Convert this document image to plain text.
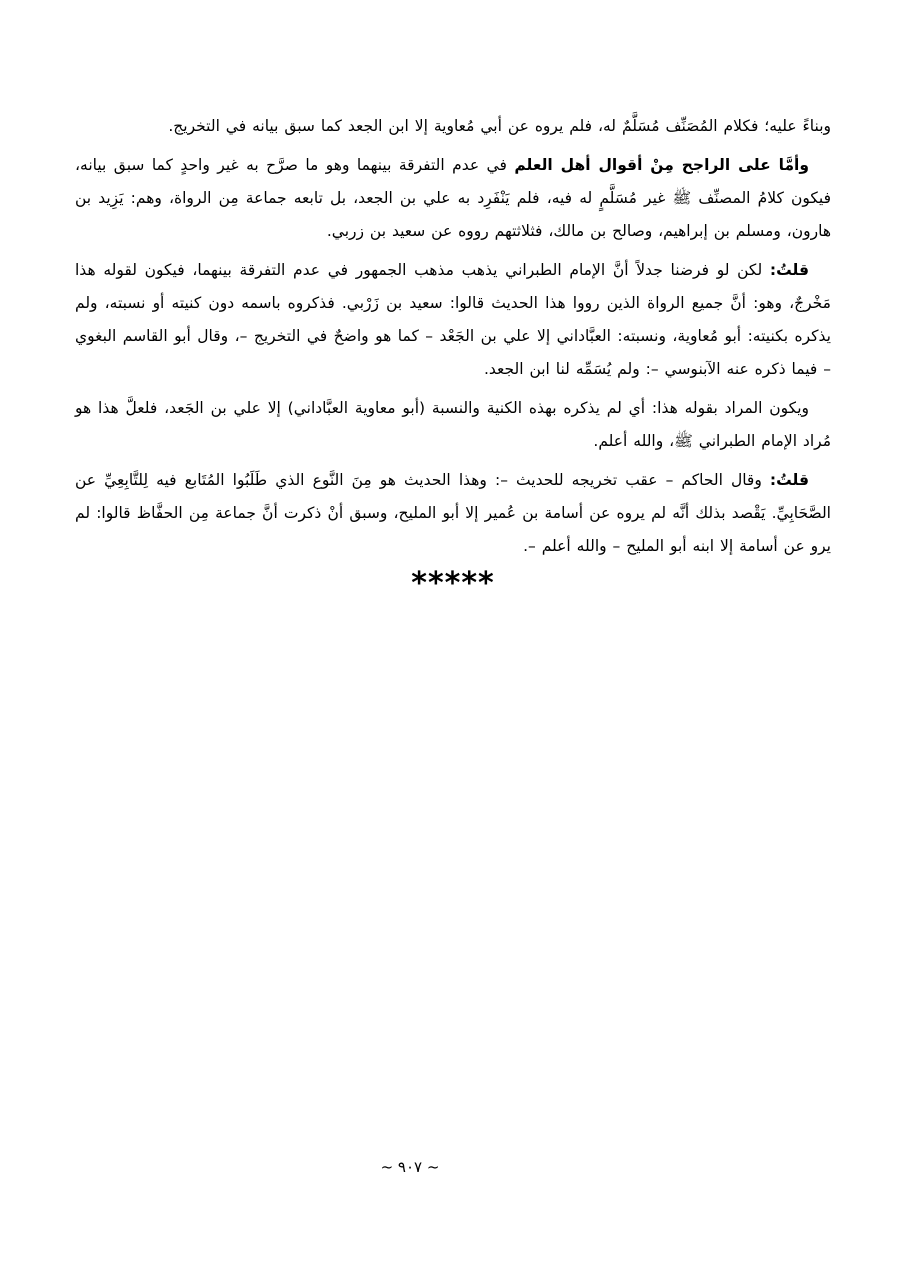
وبناءً عليه؛ فكلام المُصَنِّف مُسَلَّمٌ له، فلم يروه عن أبي مُعاوية إلا ابن الجعد كما سبق بيانه في التخريج.

وأمَّا على الراجح مِنْ أقوال أهل العلم في عدم التفرقة بينهما وهو ما صرَّح به غير واحدٍ كما سبق بيانه، فيكون كلامُ المصنِّف ﷺ غير مُسَلَّمٍ له فيه، فلم يَنْفَرِد به علي بن الجعد، بل تابعه جماعة مِن الرواة، وهم: يَزِيد بن هارون، ومسلم بن إبراهيم، وصالح بن مالك، فثلاثتهم رووه عن سعيد بن زربي.

قلتُ: لكن لو فرضنا جدلاً أنَّ الإمام الطبراني يذهب مذهب الجمهور في عدم التفرقة بينهما، فيكون لقوله هذا مَخْرجٌ، وهو: أنَّ جميع الرواة الذين رووا هذا الحديث قالوا: سعيد بن زَرْبي. فذكروه باسمه دون كنيته أو نسبته، ولم يذكره بكنيته: أبو مُعاوية، ونسبته: العبَّاداني إلا علي بن الجَعْد – كما هو واضحٌ في التخريج –، وقال أبو القاسم البغوي – فيما ذكره عنه الآبنوسي –: ولم يُسَمِّه لنا ابن الجعد.

ويكون المراد بقوله هذا: أي لم يذكره بهذه الكنية والنسبة (أبو معاوية العبَّاداني) إلا علي بن الجَعد، فلعلَّ هذا هو مُراد الإمام الطبراني ﷺ، والله أعلم.

قلتُ: وقال الحاكم – عقب تخريجه للحديث –: وهذا الحديث هو مِنَ النَّوع الذي طَلَبُوا المُتَابع فيه لِلتَّابِعِيِّ عن الصَّحَابِيِّ. يَقْصد بذلك أنَّه لم يروه عن أسامة بن عُمير إلا أبو المليح، وسبق أنْ ذكرت أنَّ جماعة مِن الحفَّاظ قالوا: لم يرو عن أسامة إلا ابنه أبو المليح – والله أعلم –.

*****
~ ٩٠٧ ~
